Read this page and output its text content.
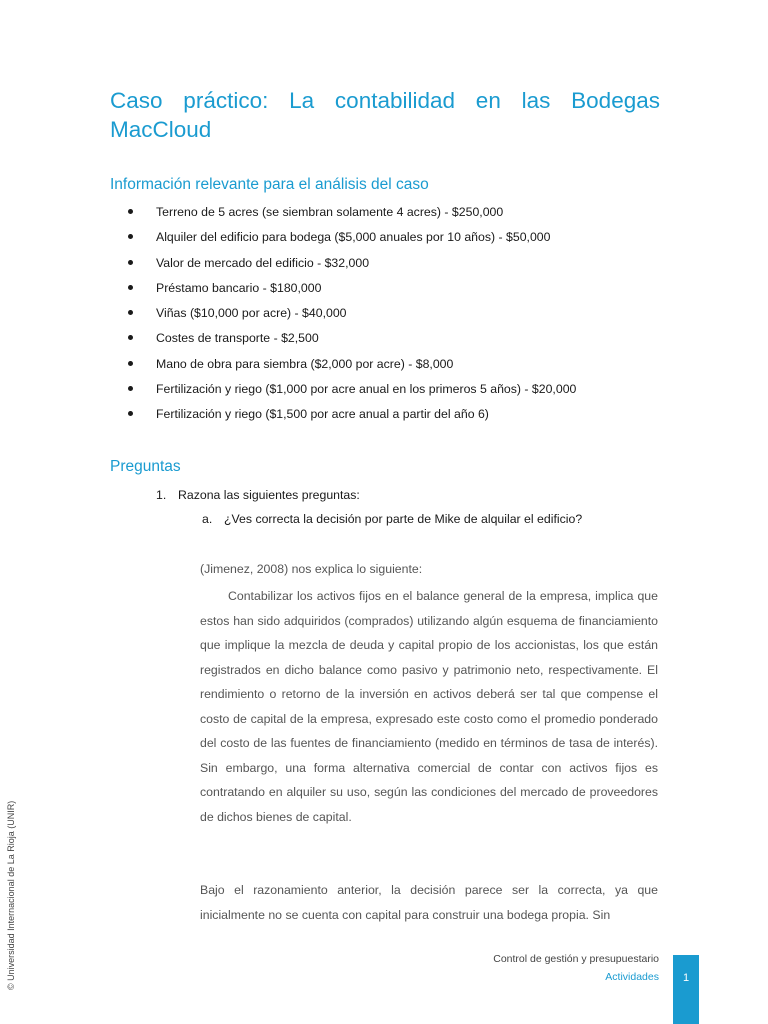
Caso práctico: La contabilidad en las Bodegas MacCloud
Información relevante para el análisis del caso
Terreno de 5 acres (se siembran solamente 4 acres) - $250,000
Alquiler del edificio para bodega ($5,000 anuales por 10 años) - $50,000
Valor de mercado del edificio - $32,000
Préstamo bancario - $180,000
Viñas ($10,000 por acre) - $40,000
Costes de transporte - $2,500
Mano de obra para siembra ($2,000 por acre) - $8,000
Fertilización y riego ($1,000 por acre anual en los primeros 5 años) - $20,000
Fertilización y riego ($1,500 por acre anual a partir del año 6)
Preguntas
1. Razona las siguientes preguntas:
a. ¿Ves correcta la decisión por parte de Mike de alquilar el edificio?

(Jimenez, 2008) nos explica lo siguiente:

Contabilizar los activos fijos en el balance general de la empresa, implica que estos han sido adquiridos (comprados) utilizando algún esquema de financiamiento que implique la mezcla de deuda y capital propio de los accionistas, los que están registrados en dicho balance como pasivo y patrimonio neto, respectivamente. El rendimiento o retorno de la inversión en activos deberá ser tal que compense el costo de capital de la empresa, expresado este costo como el promedio ponderado del costo de las fuentes de financiamiento (medido en términos de tasa de interés). Sin embargo, una forma alternativa comercial de contar con activos fijos es contratando en alquiler su uso, según las condiciones del mercado de proveedores de dichos bienes de capital.

Bajo el razonamiento anterior, la decisión parece ser la correcta, ya que inicialmente no se cuenta con capital para construir una bodega propia. Sin

Control de gestión y presupuestario
Actividades	1
© Universidad Internacional de La Rioja (UNIR)
